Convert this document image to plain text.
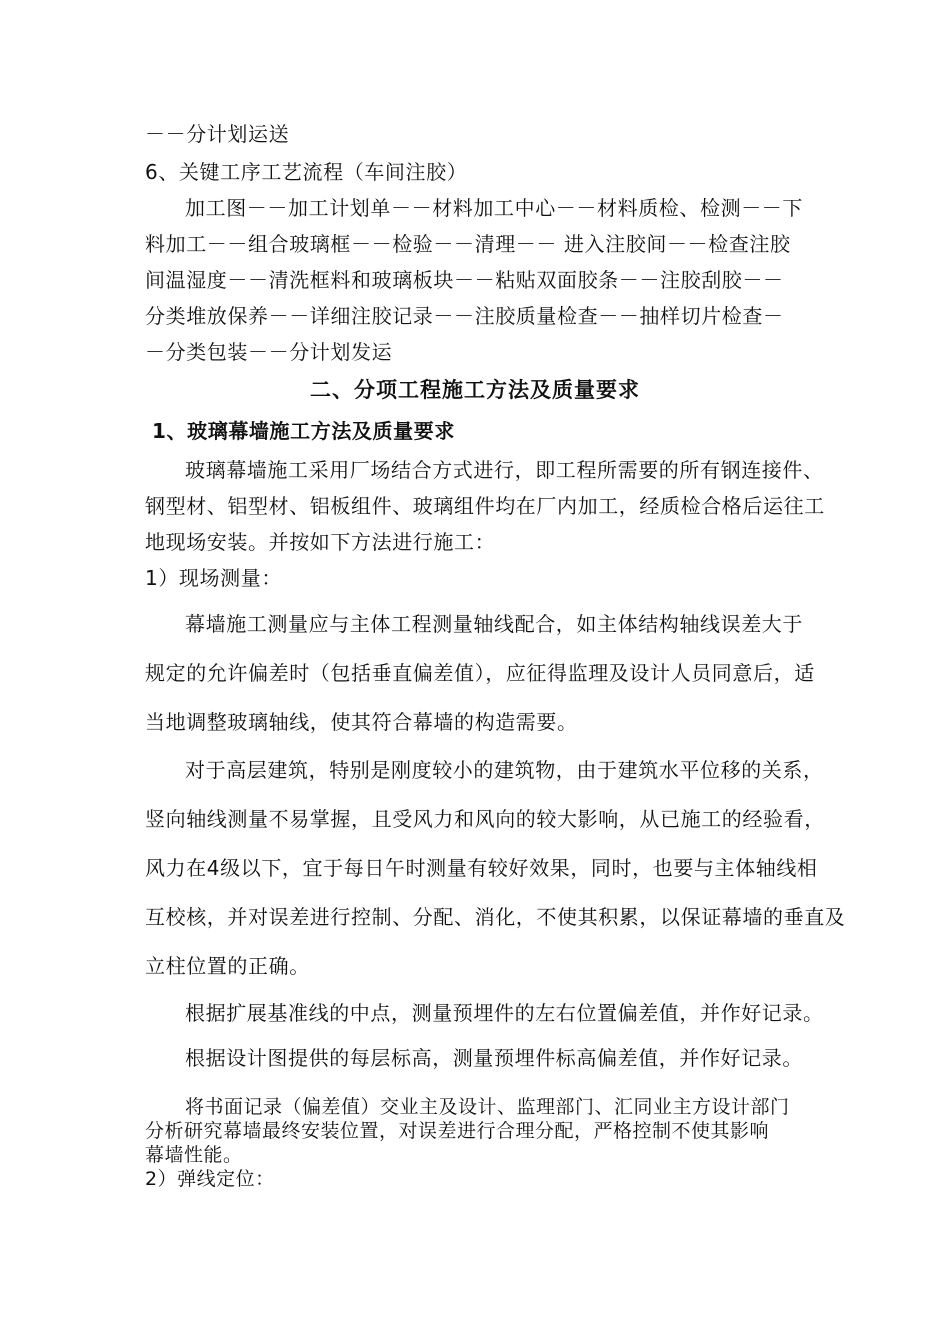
－－分计划运送
6、关键工序工艺流程（车间注胶）
加工图－－加工计划单－－材料加工中心－－材料质检、检测－－下
料加工－－组合玻璃框－－检验－－清理－－ 进入注胶间－－检查注胶
间温湿度－－清洗框料和玻璃板块－－粘贴双面胶条－－注胶刮胶－－
分类堆放保养－－详细注胶记录－－注胶质量检查－－抽样切片检查－
－分类包装－－分计划发运
二、分项工程施工方法及质量要求
1、玻璃幕墙施工方法及质量要求
玻璃幕墙施工采用厂场结合方式进行，即工程所需要的所有钢连接件、
钢型材、铝型材、铝板组件、玻璃组件均在厂内加工，经质检合格后运往工
地现场安装。并按如下方法进行施工：
1）现场测量：
幕墙施工测量应与主体工程测量轴线配合，如主体结构轴线误差大于
规定的允许偏差时（包括垂直偏差值），应征得监理及设计人员同意后，适
当地调整玻璃轴线，使其符合幕墙的构造需要。
对于高层建筑，特别是刚度较小的建筑物，由于建筑水平位移的关系，
竖向轴线测量不易掌握，且受风力和风向的较大影响，从已施工的经验看，
风力在4级以下，宜于每日午时测量有较好效果，同时，也要与主体轴线相
互校核，并对误差进行控制、分配、消化，不使其积累，以保证幕墙的垂直及
立柱位置的正确。
根据扩展基准线的中点，测量预埋件的左右位置偏差值，并作好记录。
根据设计图提供的每层标高，测量预埋件标高偏差值，并作好记录。
将书面记录（偏差值）交业主及设计、监理部门、汇同业主方设计部门
分析研究幕墙最终安装位置，对误差进行合理分配，严格控制不使其影响
幕墙性能。
2）弹线定位：
